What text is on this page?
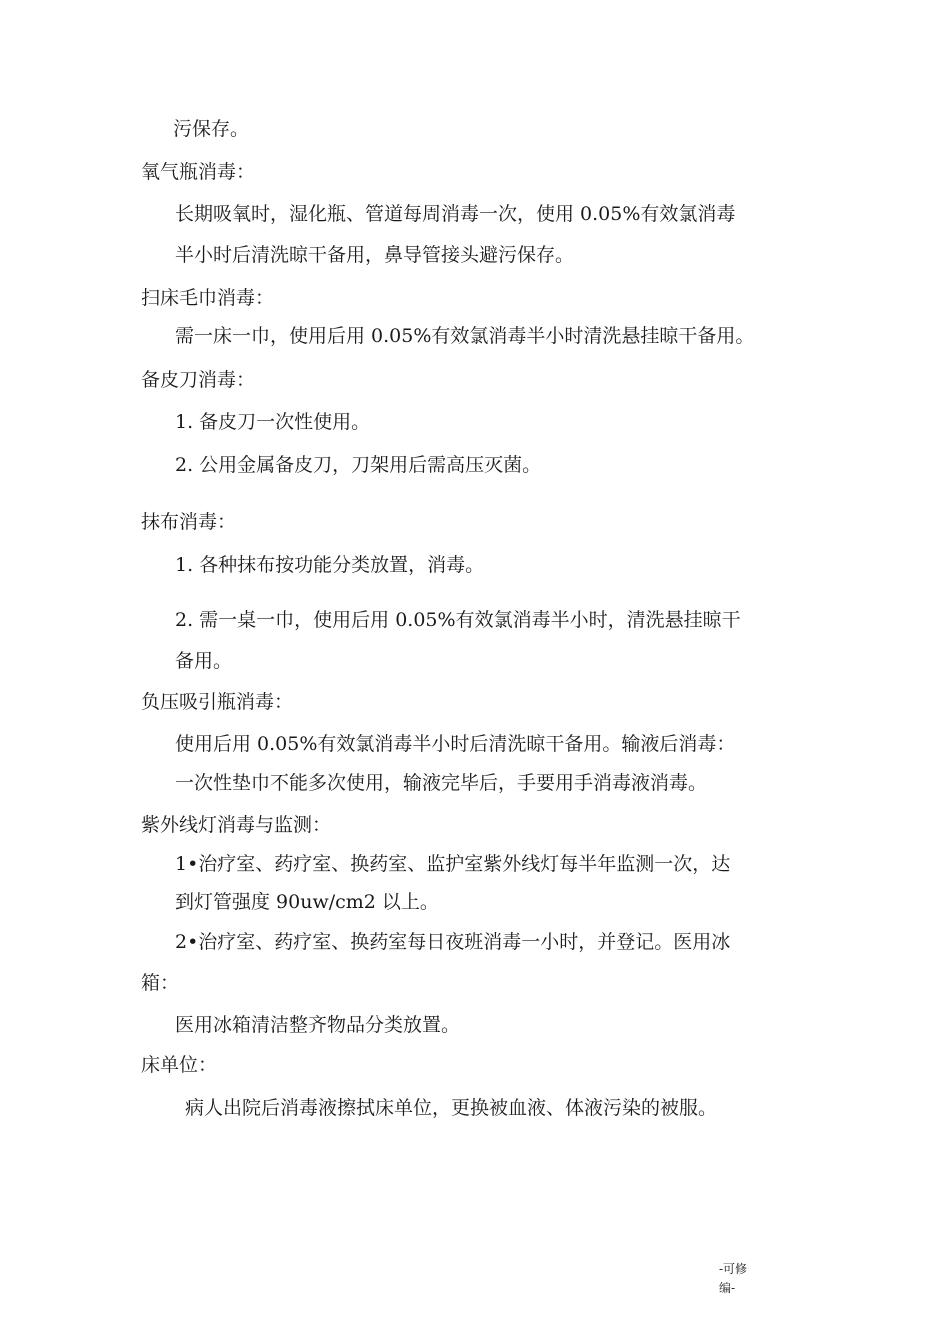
污保存。
氧气瓶消毒：
长期吸氧时，湿化瓶、管道每周消毒一次，使用 0.05%有效氯消毒
半小时后清洗晾干备用，鼻导管接头避污保存。
扫床毛巾消毒：
需一床一巾，使用后用 0.05%有效氯消毒半小时清洗悬挂晾干备用。
备皮刀消毒：
1. 备皮刀一次性使用。
2. 公用金属备皮刀，刀架用后需高压灭菌。
抹布消毒：
1. 各种抹布按功能分类放置，消毒。
2. 需一桌一巾，使用后用 0.05%有效氯消毒半小时，清洗悬挂晾干
备用。
负压吸引瓶消毒：
使用后用 0.05%有效氯消毒半小时后清洗晾干备用。输液后消毒：
一次性垫巾不能多次使用，输液完毕后，手要用手消毒液消毒。
紫外线灯消毒与监测：
1•治疗室、药疗室、换药室、监护室紫外线灯每半年监测一次，达
到灯管强度 90uw/cm2 以上。
2•治疗室、药疗室、换药室每日夜班消毒一小时，并登记。医用冰
箱：
医用冰箱清洁整齐物品分类放置。
床单位：
病人出院后消毒液擦拭床单位，更换被血液、体液污染的被服。
-可修
编-
